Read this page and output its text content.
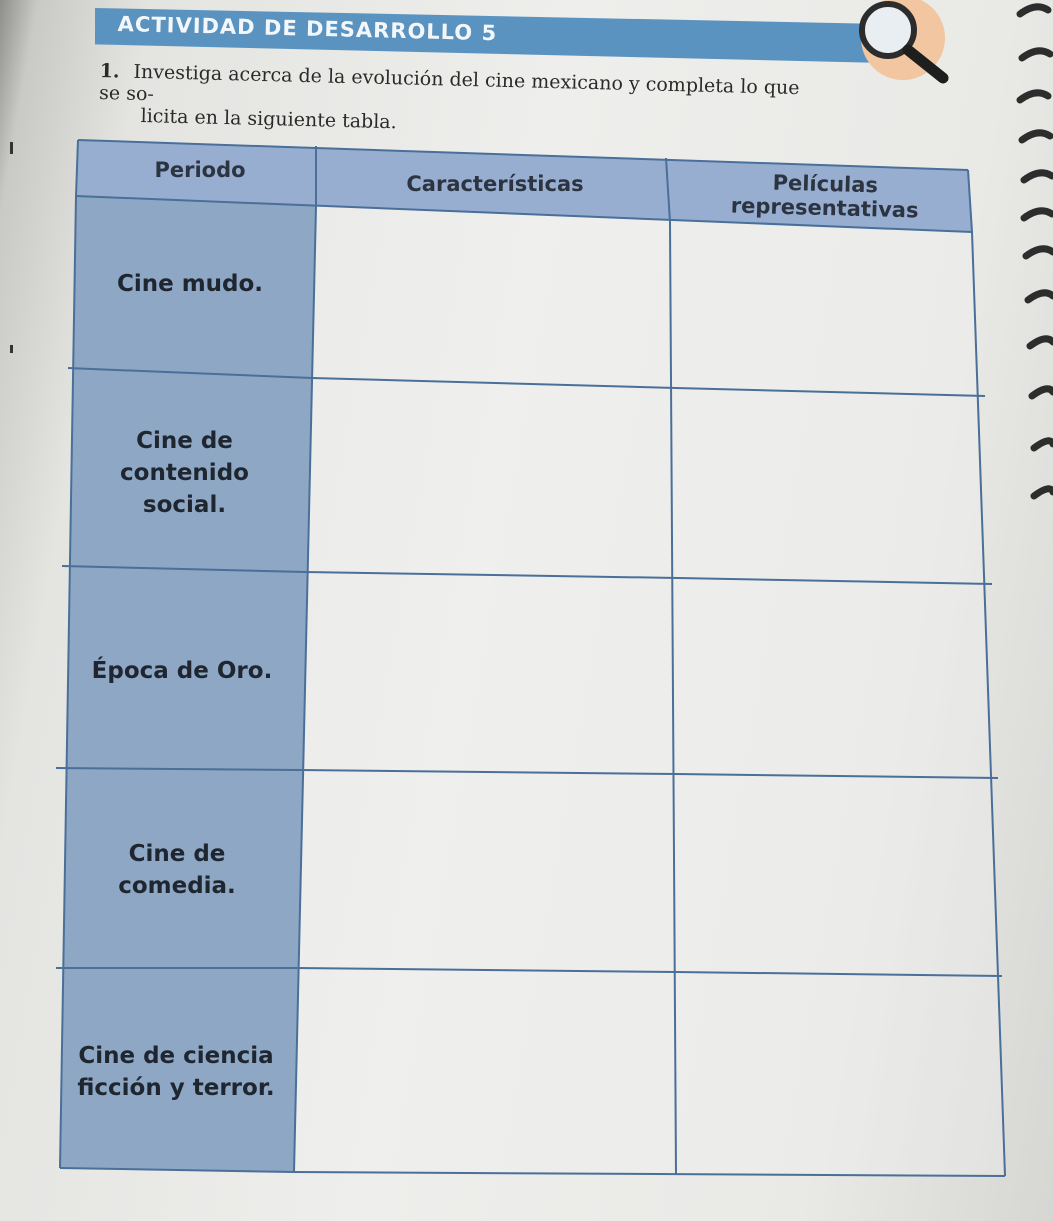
ACTIVIDAD DE DESARROLLO 5
1. Investiga acerca de la evolución del cine mexicano y completa lo que se so-
licita en la siguiente tabla.
Periodo
Características	Películas representativas
Cine mudo.
Cine de
contenido
social.
Época de Oro.
Cine de
comedia.
Cine de ciencia
ficción y terror.
